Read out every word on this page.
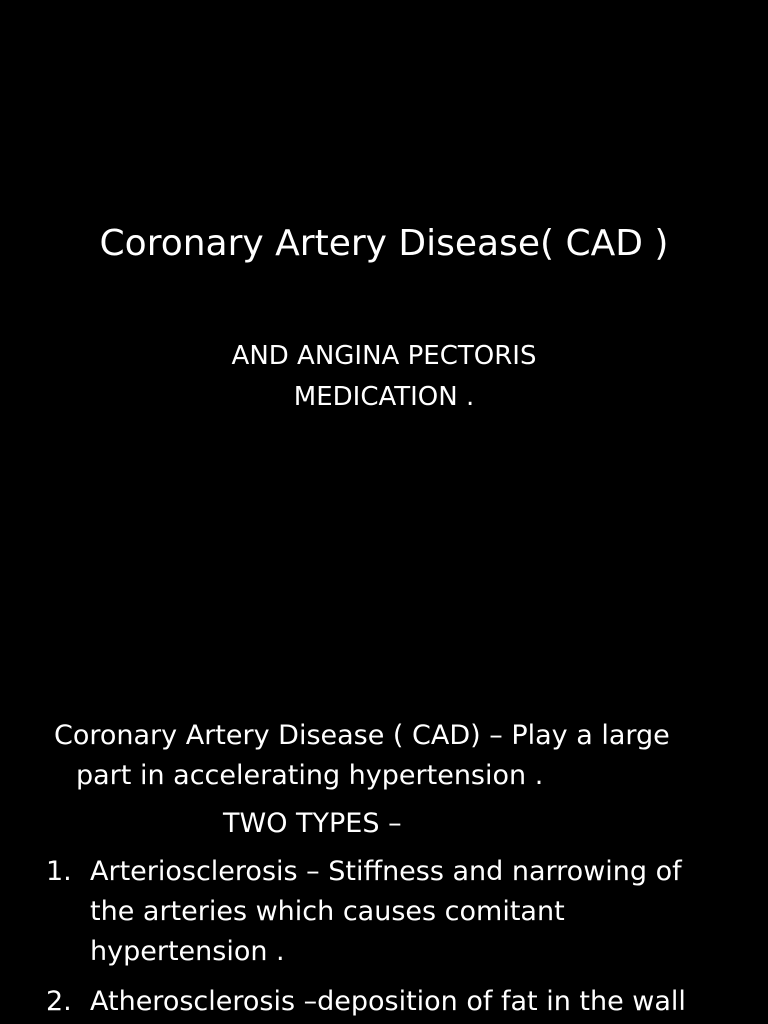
Coronary Artery Disease( CAD )
AND ANGINA PECTORIS
MEDICATION .
Coronary Artery Disease ( CAD) – Play a large
part in accelerating hypertension .
TWO TYPES –
1. Arteriosclerosis – Stiffness and narrowing of
the arteries which causes comitant
hypertension .
2. Atherosclerosis –deposition of fat in the wall
